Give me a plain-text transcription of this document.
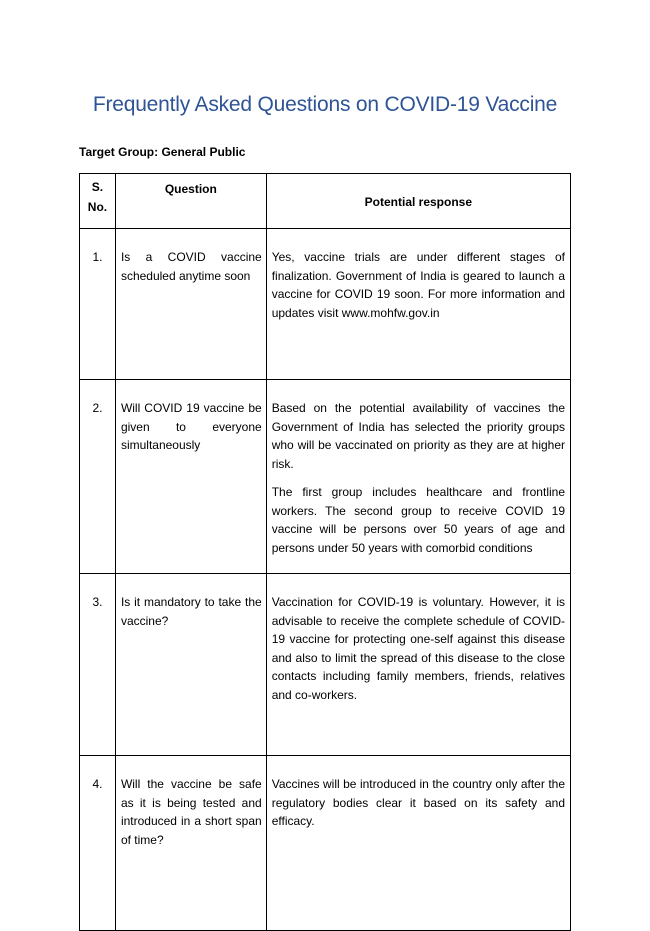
Frequently Asked Questions on COVID-19 Vaccine
Target Group: General Public
S.
No.	Question	Potential response
1.	Is a COVID vaccine scheduled anytime soon	Yes, vaccine trials are under different stages of finalization. Government of India is geared to launch a vaccine for COVID 19 soon. For more information and updates visit www.mohfw.gov.in

2.	Will COVID 19 vaccine be given to everyone simultaneously	Based on the potential availability of vaccines the Government of India has selected the priority groups who will be vaccinated on priority as they are at higher risk.

The first group includes healthcare and frontline workers. The second group to receive COVID 19 vaccine will be persons over 50 years of age and persons under 50 years with comorbid conditions

3.	Is it mandatory to take the vaccine?	Vaccination for COVID-19 is voluntary. However, it is advisable to receive the complete schedule of COVID-19 vaccine for protecting one-self against this disease and also to limit the spread of this disease to the close contacts including family members, friends, relatives and co-workers.

4.	Will the vaccine be safe as it is being tested and introduced in a short span of time?	Vaccines will be introduced in the country only after the regulatory bodies clear it based on its safety and efficacy.
